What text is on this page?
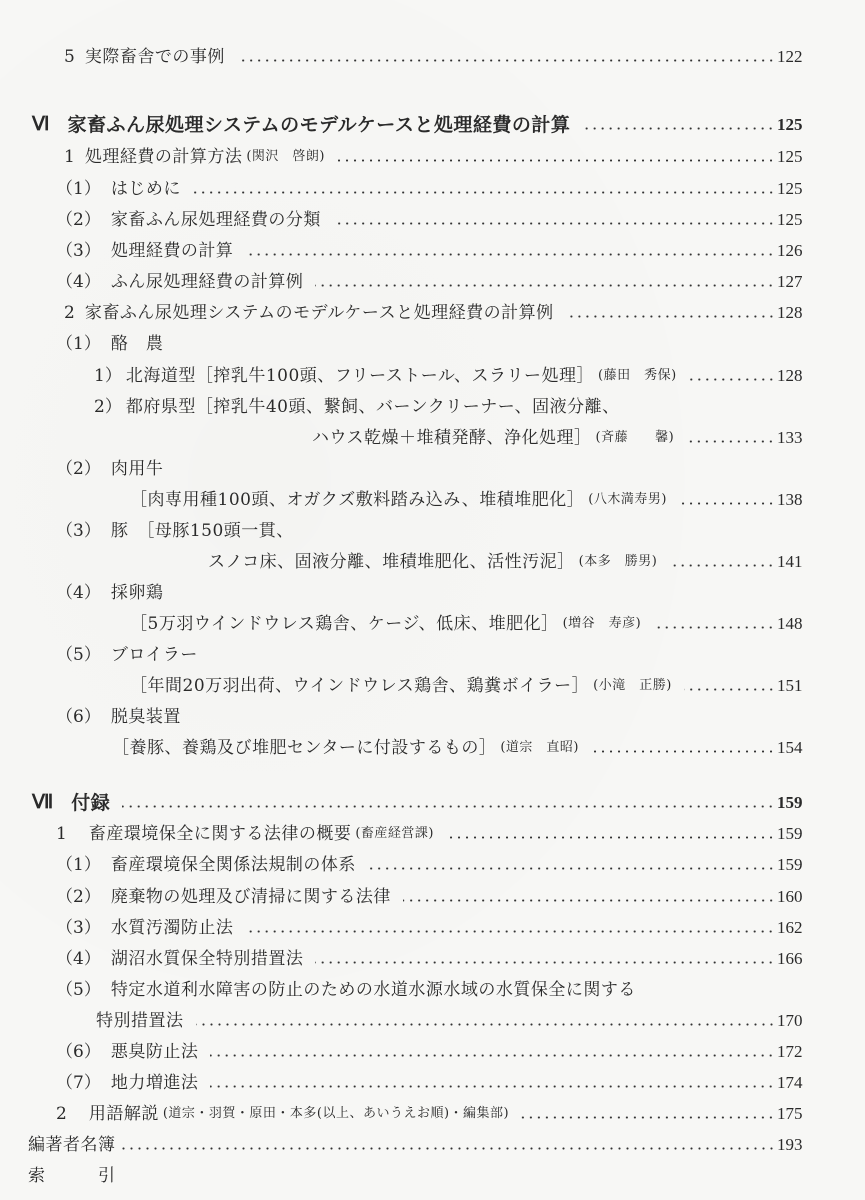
5 実際畜舎での事例	122
Ⅵ 家畜ふん尿処理システムのモデルケースと処理経費の計算	125
1 処理経費の計算方法 (関沢　啓朗)	125
（1） はじめに	125
（2） 家畜ふん尿処理経費の分類	125
（3） 処理経費の計算	126
（4） ふん尿処理経費の計算例	127
2 家畜ふん尿処理システムのモデルケースと処理経費の計算例	128
（1） 酪　農
1） 北海道型［搾乳牛100頭、フリーストール、スラリー処理］ (藤田　秀保)	128
2） 都府県型［搾乳牛40頭、繋飼、バーンクリーナー、固液分離、
ハウス乾燥＋堆積発酵、浄化処理］ (斉藤　　馨)	133
（2） 肉用牛
［肉専用種100頭、オガクズ敷料踏み込み、堆積堆肥化］ (八木満寿男)	138
（3） 豚　［母豚150頭一貫、
スノコ床、固液分離、堆積堆肥化、活性汚泥］ (本多　勝男)	141
（4） 採卵鶏
［5万羽ウインドウレス鶏舎、ケージ、低床、堆肥化］ (増谷　寿彦)	148
（5） ブロイラー
［年間20万羽出荷、ウインドウレス鶏舎、鶏糞ボイラー］ (小滝　正勝)	151
（6） 脱臭装置
［養豚、養鶏及び堆肥センターに付設するもの］ (道宗　直昭)	154
Ⅶ 付録	159
1 畜産環境保全に関する法律の概要 (畜産経営課)	159
（1） 畜産環境保全関係法規制の体系	159
（2） 廃棄物の処理及び清掃に関する法律	160
（3） 水質汚濁防止法	162
（4） 湖沼水質保全特別措置法	166
（5） 特定水道利水障害の防止のための水道水源水域の水質保全に関する
特別措置法	170
（6） 悪臭防止法	172
（7） 地力増進法	174
2 用語解説 (道宗・羽賀・原田・本多(以上、あいうえお順)・編集部)	175
編著者名簿	193
索　　　引
